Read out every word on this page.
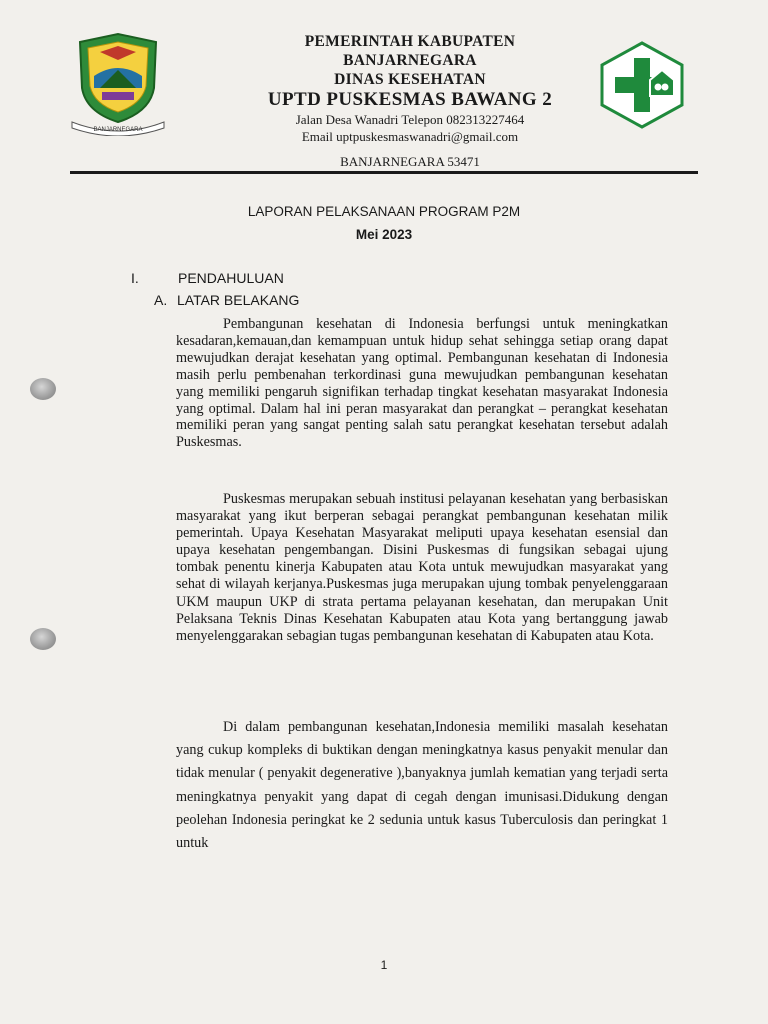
BANJARNEGARA
PEMERINTAH KABUPATEN
BANJARNEGARA
DINAS KESEHATAN
UPTD PUSKESMAS BAWANG 2
Jalan Desa Wanadri Telepon 082313227464
Email uptpuskesmaswanadri@gmail.com
BANJARNEGARA 53471
LAPORAN PELAKSANAAN PROGRAM P2M
Mei 2023
I.	PENDAHULUAN
A. LATAR BELAKANG
Pembangunan kesehatan di Indonesia berfungsi untuk meningkatkan kesadaran,kemauan,dan kemampuan untuk hidup sehat sehingga setiap orang dapat mewujudkan derajat kesehatan yang optimal. Pembangunan kesehatan di Indonesia masih perlu pembenahan terkordinasi guna mewujudkan pembangunan kesehatan yang memiliki pengaruh signifikan terhadap tingkat kesehatan masyarakat Indonesia yang optimal. Dalam hal ini peran masyarakat dan perangkat – perangkat kesehatan memiliki peran yang sangat penting salah satu perangkat kesehatan tersebut adalah Puskesmas.
Puskesmas merupakan sebuah institusi pelayanan kesehatan yang berbasiskan masyarakat yang ikut berperan sebagai perangkat pembangunan kesehatan milik pemerintah. Upaya Kesehatan Masyarakat meliputi upaya kesehatan esensial dan upaya kesehatan pengembangan. Disini Puskesmas di fungsikan sebagai ujung tombak penentu kinerja Kabupaten atau Kota untuk mewujudkan masyarakat yang sehat di wilayah kerjanya.Puskesmas juga merupakan ujung tombak penyelenggaraan UKM maupun UKP di strata pertama pelayanan kesehatan, dan merupakan Unit Pelaksana Teknis Dinas Kesehatan Kabupaten atau Kota yang bertanggung jawab menyelenggarakan sebagian tugas pembangunan kesehatan di Kabupaten atau Kota.
Di dalam pembangunan kesehatan,Indonesia memiliki masalah kesehatan yang cukup kompleks di buktikan dengan meningkatnya kasus penyakit menular dan tidak menular ( penyakit degenerative ),banyaknya jumlah kematian yang terjadi serta meningkatnya penyakit yang dapat di cegah dengan imunisasi.Didukung dengan peolehan Indonesia peringkat ke 2 sedunia untuk kasus Tuberculosis dan peringkat 1 untuk
1
